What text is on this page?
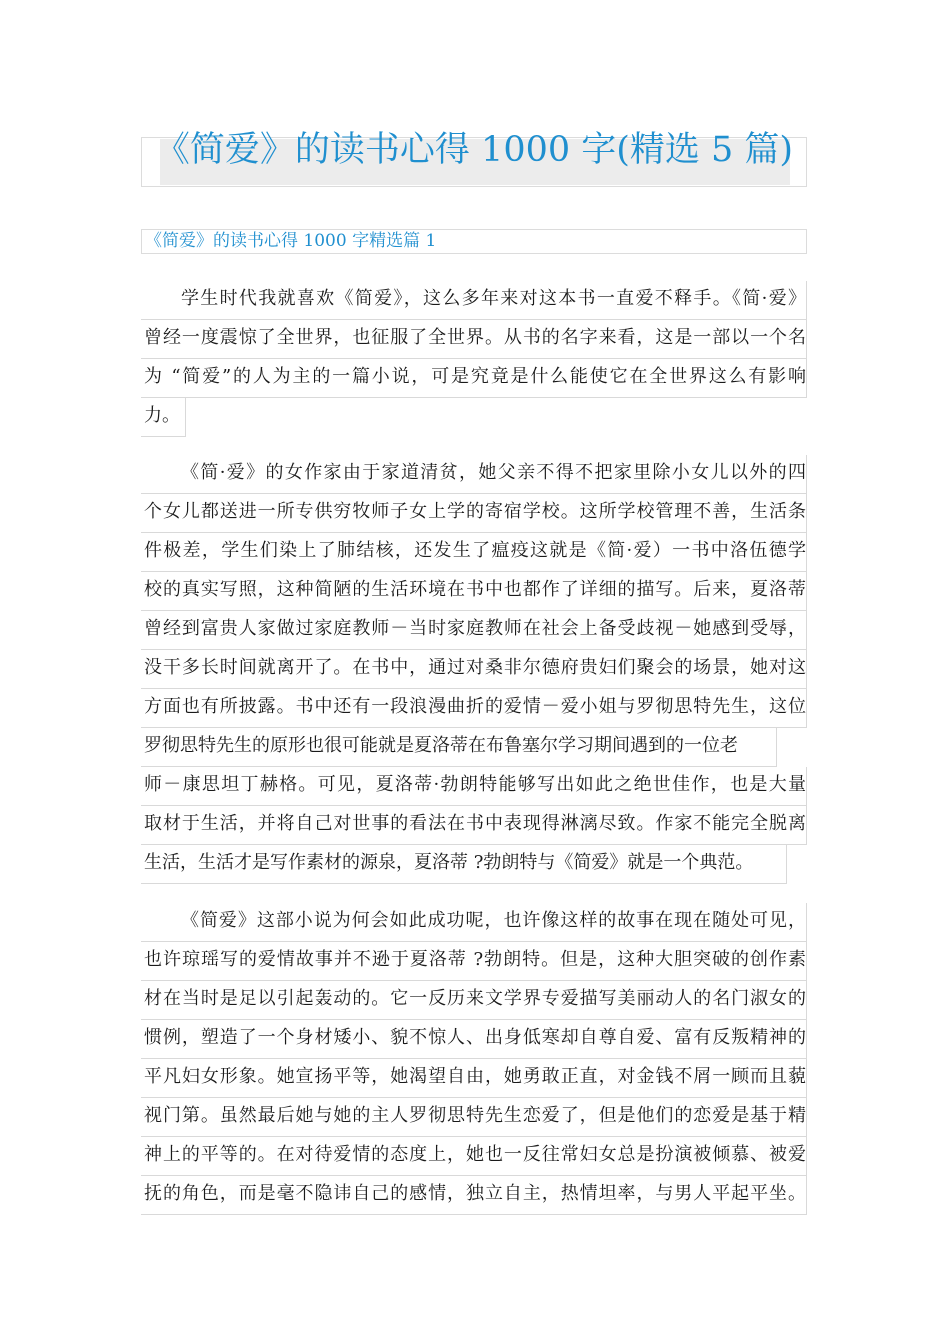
《简爱》的读书心得 1000 字(精选 5 篇)
《简爱》的读书心得 1000 字精选篇 1
学生时代我就喜欢《简爱》，这么多年来对这本书一直爱不释手。《简·爱》
曾经一度震惊了全世界，也征服了全世界。从书的名字来看，这是一部以一个名
为 “简爱”的人为主的一篇小说，可是究竟是什么能使它在全世界这么有影响
力。
《简·爱》的女作家由于家道清贫，她父亲不得不把家里除小女儿以外的四
个女儿都送进一所专供穷牧师子女上学的寄宿学校。这所学校管理不善，生活条
件极差，学生们染上了肺结核，还发生了瘟疫这就是《简·爱）一书中洛伍德学
校的真实写照，这种简陋的生活环境在书中也都作了详细的描写。后来，夏洛蒂
曾经到富贵人家做过家庭教师－当时家庭教师在社会上备受歧视－她感到受辱，
没干多长时间就离开了。在书中，通过对桑非尔德府贵妇们聚会的场景，她对这
方面也有所披露。书中还有一段浪漫曲折的爱情－爱小姐与罗彻思特先生，这位
罗彻思特先生的原形也很可能就是夏洛蒂在布鲁塞尔学习期间遇到的一位老
师－康思坦丁赫格。可见，夏洛蒂·勃朗特能够写出如此之绝世佳作，也是大量
取材于生活，并将自己对世事的看法在书中表现得淋漓尽致。作家不能完全脱离
生活，生活才是写作素材的源泉，夏洛蒂 ?勃朗特与《简爱》就是一个典范。
《简爱》这部小说为何会如此成功呢，也许像这样的故事在现在随处可见，
也许琼瑶写的爱情故事并不逊于夏洛蒂 ?勃朗特。但是，这种大胆突破的创作素
材在当时是足以引起轰动的。它一反历来文学界专爱描写美丽动人的名门淑女的
惯例，塑造了一个身材矮小、貌不惊人、出身低寒却自尊自爱、富有反叛精神的
平凡妇女形象。她宣扬平等，她渴望自由，她勇敢正直，对金钱不屑一顾而且藐
视门第。虽然最后她与她的主人罗彻思特先生恋爱了，但是他们的恋爱是基于精
神上的平等的。在对待爱情的态度上，她也一反往常妇女总是扮演被倾慕、被爱
抚的角色，而是毫不隐讳自己的感情，独立自主，热情坦率，与男人平起平坐。
